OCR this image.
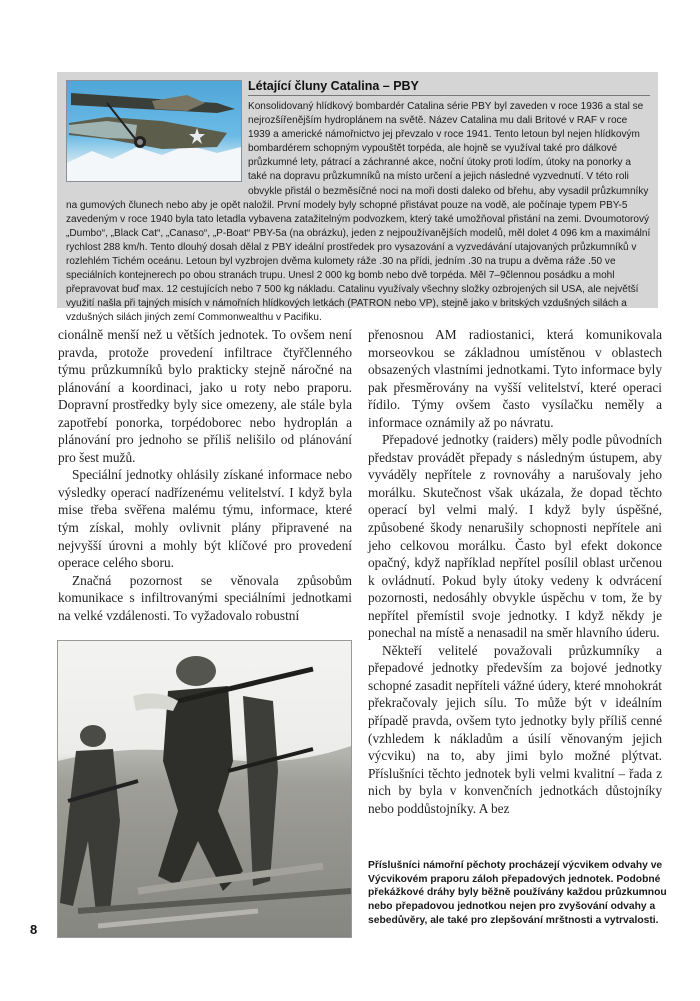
Létající čluny Catalina – PBY

Konsolidovaný hlídkový bombardér Catalina série PBY byl zaveden v roce 1936 a stal se nejrozšířenějším hydroplánem na světě. Název Catalina mu dali Britové v RAF v roce 1939 a americké námořnictvo jej převzalo v roce 1941. Tento letoun byl nejen hlídkovým bombardérem schopným vypouštět torpéda, ale hojně se využíval také pro dálkové průzkumné lety, pátrací a záchranné akce, noční útoky proti lodím, útoky na ponorky a také na dopravu průzkumníků na místo určení a jejich následné vyzvednutí. V této roli obvykle přistál o bezměsíčné noci na moři dosti daleko od břehu, aby vysadil průzkumníky na gumových člunech nebo aby je opět naložil. První modely byly schopné přistávat pouze na vodě, ale počínaje typem PBY-5 zavedeným v roce 1940 byla tato letadla vybavena zatažitelným podvozkem, který také umožňoval přistání na zemi. Dvoumotorový „Dumbo“, „Black Cat“, „Canaso“, „P-Boat“ PBY-5a (na obrázku), jeden z nejpoužívanějších modelů, měl dolet 4 096 km a maximální rychlost 288 km/h. Tento dlouhý dosah dělal z PBY ideální prostředek pro vysazování a vyzvedávání utajovaných průzkumníků v rozlehlém Tichém oceánu. Letoun byl vyzbrojen dvěma kulomety ráže .30 na přídi, jedním .30 na trupu a dvěma ráže .50 ve speciálních kontejnerech po obou stranách trupu. Unesl 2 000 kg bomb nebo dvě torpéda. Měl 7–9člennou posádku a mohl přepravovat buď max. 12 cestujících nebo 7 500 kg nákladu. Catalinu využívaly všechny složky ozbrojených sil USA, ale největší využití našla při tajných misích v námořních hlídkových letkách (PATRON nebo VP), stejně jako v britských vzdušných silách a vzdušných silách jiných zemí Commonwealthu v Pacifiku.

cionálně menší než u větších jednotek. To ovšem není pravda, protože provedení infiltrace čtyřčlenného týmu průzkumníků bylo prakticky stejně náročné na plánování a koordinaci, jako u roty nebo praporu. Dopravní prostředky byly sice omezeny, ale stále byla zapotřebí ponorka, torpédoborec nebo hydroplán a plánování pro jednoho se příliš nelišilo od plánování pro šest mužů.

Speciální jednotky ohlásily získané informace nebo výsledky operací nadřízenému velitelství. I když byla mise třeba svěřena malému týmu, informace, které tým získal, mohly ovlivnit plány připravené na nejvyšší úrovni a mohly být klíčové pro provedení operace celého sboru.

Značná pozornost se věnovala způsobům komunikace s infiltrovanými speciálními jednotkami na velké vzdálenosti. To vyžadovalo robustní

přenosnou AM radiostanici, která komunikovala morseovkou se základnou umístěnou v oblastech obsazených vlastními jednotkami. Tyto informace byly pak přesměrovány na vyšší velitelství, které operaci řídilo. Týmy ovšem často vysílačku neměly a informace oznámily až po návratu.

Přepadové jednotky (raiders) měly podle původních představ provádět přepady s následným ústupem, aby vyváděly nepřítele z rovnováhy a narušovaly jeho morálku. Skutečnost však ukázala, že dopad těchto operací byl velmi malý. I když byly úspěšné, způsobené škody nenarušily schopnosti nepřítele ani jeho celkovou morálku. Často byl efekt dokonce opačný, když například nepřítel posílil oblast určenou k ovládnutí. Pokud byly útoky vedeny k odvrácení pozornosti, nedosáhly obvykle úspěchu v tom, že by nepřítel přemístil svoje jednotky. I když někdy je ponechal na místě a nenasadil na směr hlavního úderu.

Někteří velitelé považovali průzkumníky a přepadové jednotky především za bojové jednotky schopné zasadit nepříteli vážné údery, které mnohokrát překračovaly jejich sílu. To může být v ideálním případě pravda, ovšem tyto jednotky byly příliš cenné (vzhledem k nákladům a úsilí věnovaným jejich výcviku) na to, aby jimi bylo možné plýtvat. Příslušníci těchto jednotek byli velmi kvalitní – řada z nich by byla v konvenčních jednotkách důstojníky nebo poddůstojníky. A bez

Příslušníci námořní pěchoty procházejí výcvikem odvahy ve Výcvikovém praporu záloh přepadových jednotek. Podobné překážkové dráhy byly běžně používány každou průzkumnou nebo přepadovou jednotkou nejen pro zvyšování odvahy a sebedůvěry, ale také pro zlepšování mrštnosti a vytrvalosti.
8
